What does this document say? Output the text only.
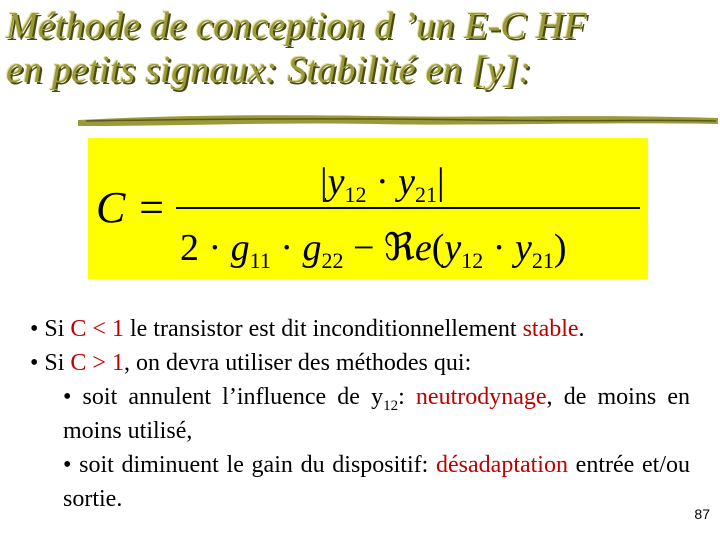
Méthode de conception d ’un E-C HF
en petits signaux: Stabilité en [y]:
C =
$|y_{12} \cdot y_{21}|$
$2 \cdot g_{11} \cdot g_{22}$ − $ℜe(y_{12} \cdot y_{21})$
• Si C < 1 le transistor est dit inconditionnellement stable.
• Si C > 1, on devra utiliser des méthodes qui:
• soit annulent l’influence de $y_{12}$: neutrodynage, de moins en moins utilisé,
• soit diminuent le gain du dispositif: désadaptation entrée et/ou sortie.
87
